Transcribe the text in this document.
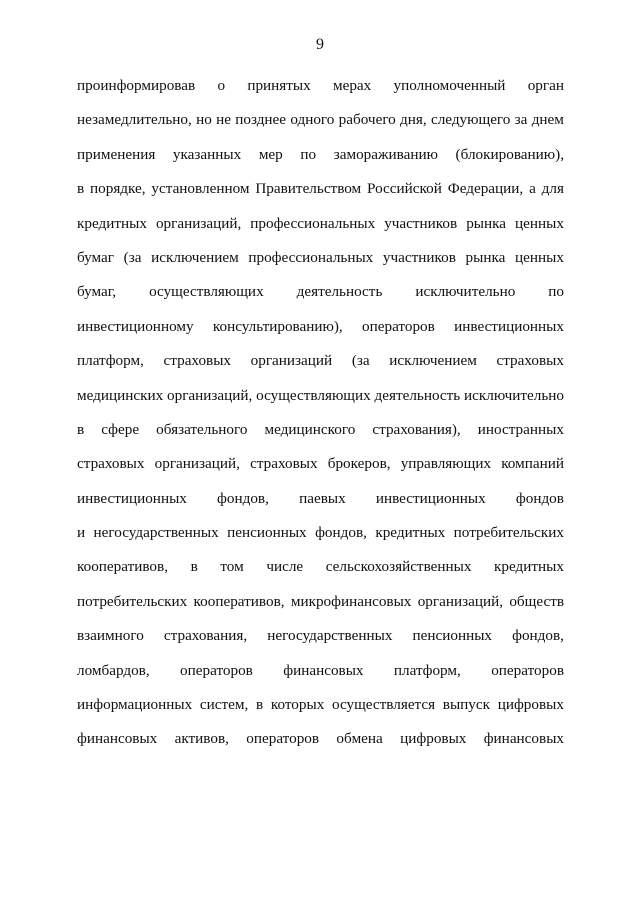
9
проинформировав о принятых мерах уполномоченный орган
незамедлительно, но не позднее одного рабочего дня, следующего за днем
применения указанных мер по замораживанию (блокированию),
в порядке, установленном Правительством Российской Федерации, а для
кредитных организаций, профессиональных участников рынка ценных
бумаг (за исключением профессиональных участников рынка ценных
бумаг, осуществляющих деятельность исключительно по
инвестиционному консультированию), операторов инвестиционных
платформ, страховых организаций (за исключением страховых
медицинских организаций, осуществляющих деятельность исключительно
в сфере обязательного медицинского страхования), иностранных
страховых организаций, страховых брокеров, управляющих компаний
инвестиционных фондов, паевых инвестиционных фондов
и негосударственных пенсионных фондов, кредитных потребительских
кооперативов, в том числе сельскохозяйственных кредитных
потребительских кооперативов, микрофинансовых организаций, обществ
взаимного страхования, негосударственных пенсионных фондов,
ломбардов, операторов финансовых платформ, операторов
информационных систем, в которых осуществляется выпуск цифровых
финансовых активов, операторов обмена цифровых финансовых
